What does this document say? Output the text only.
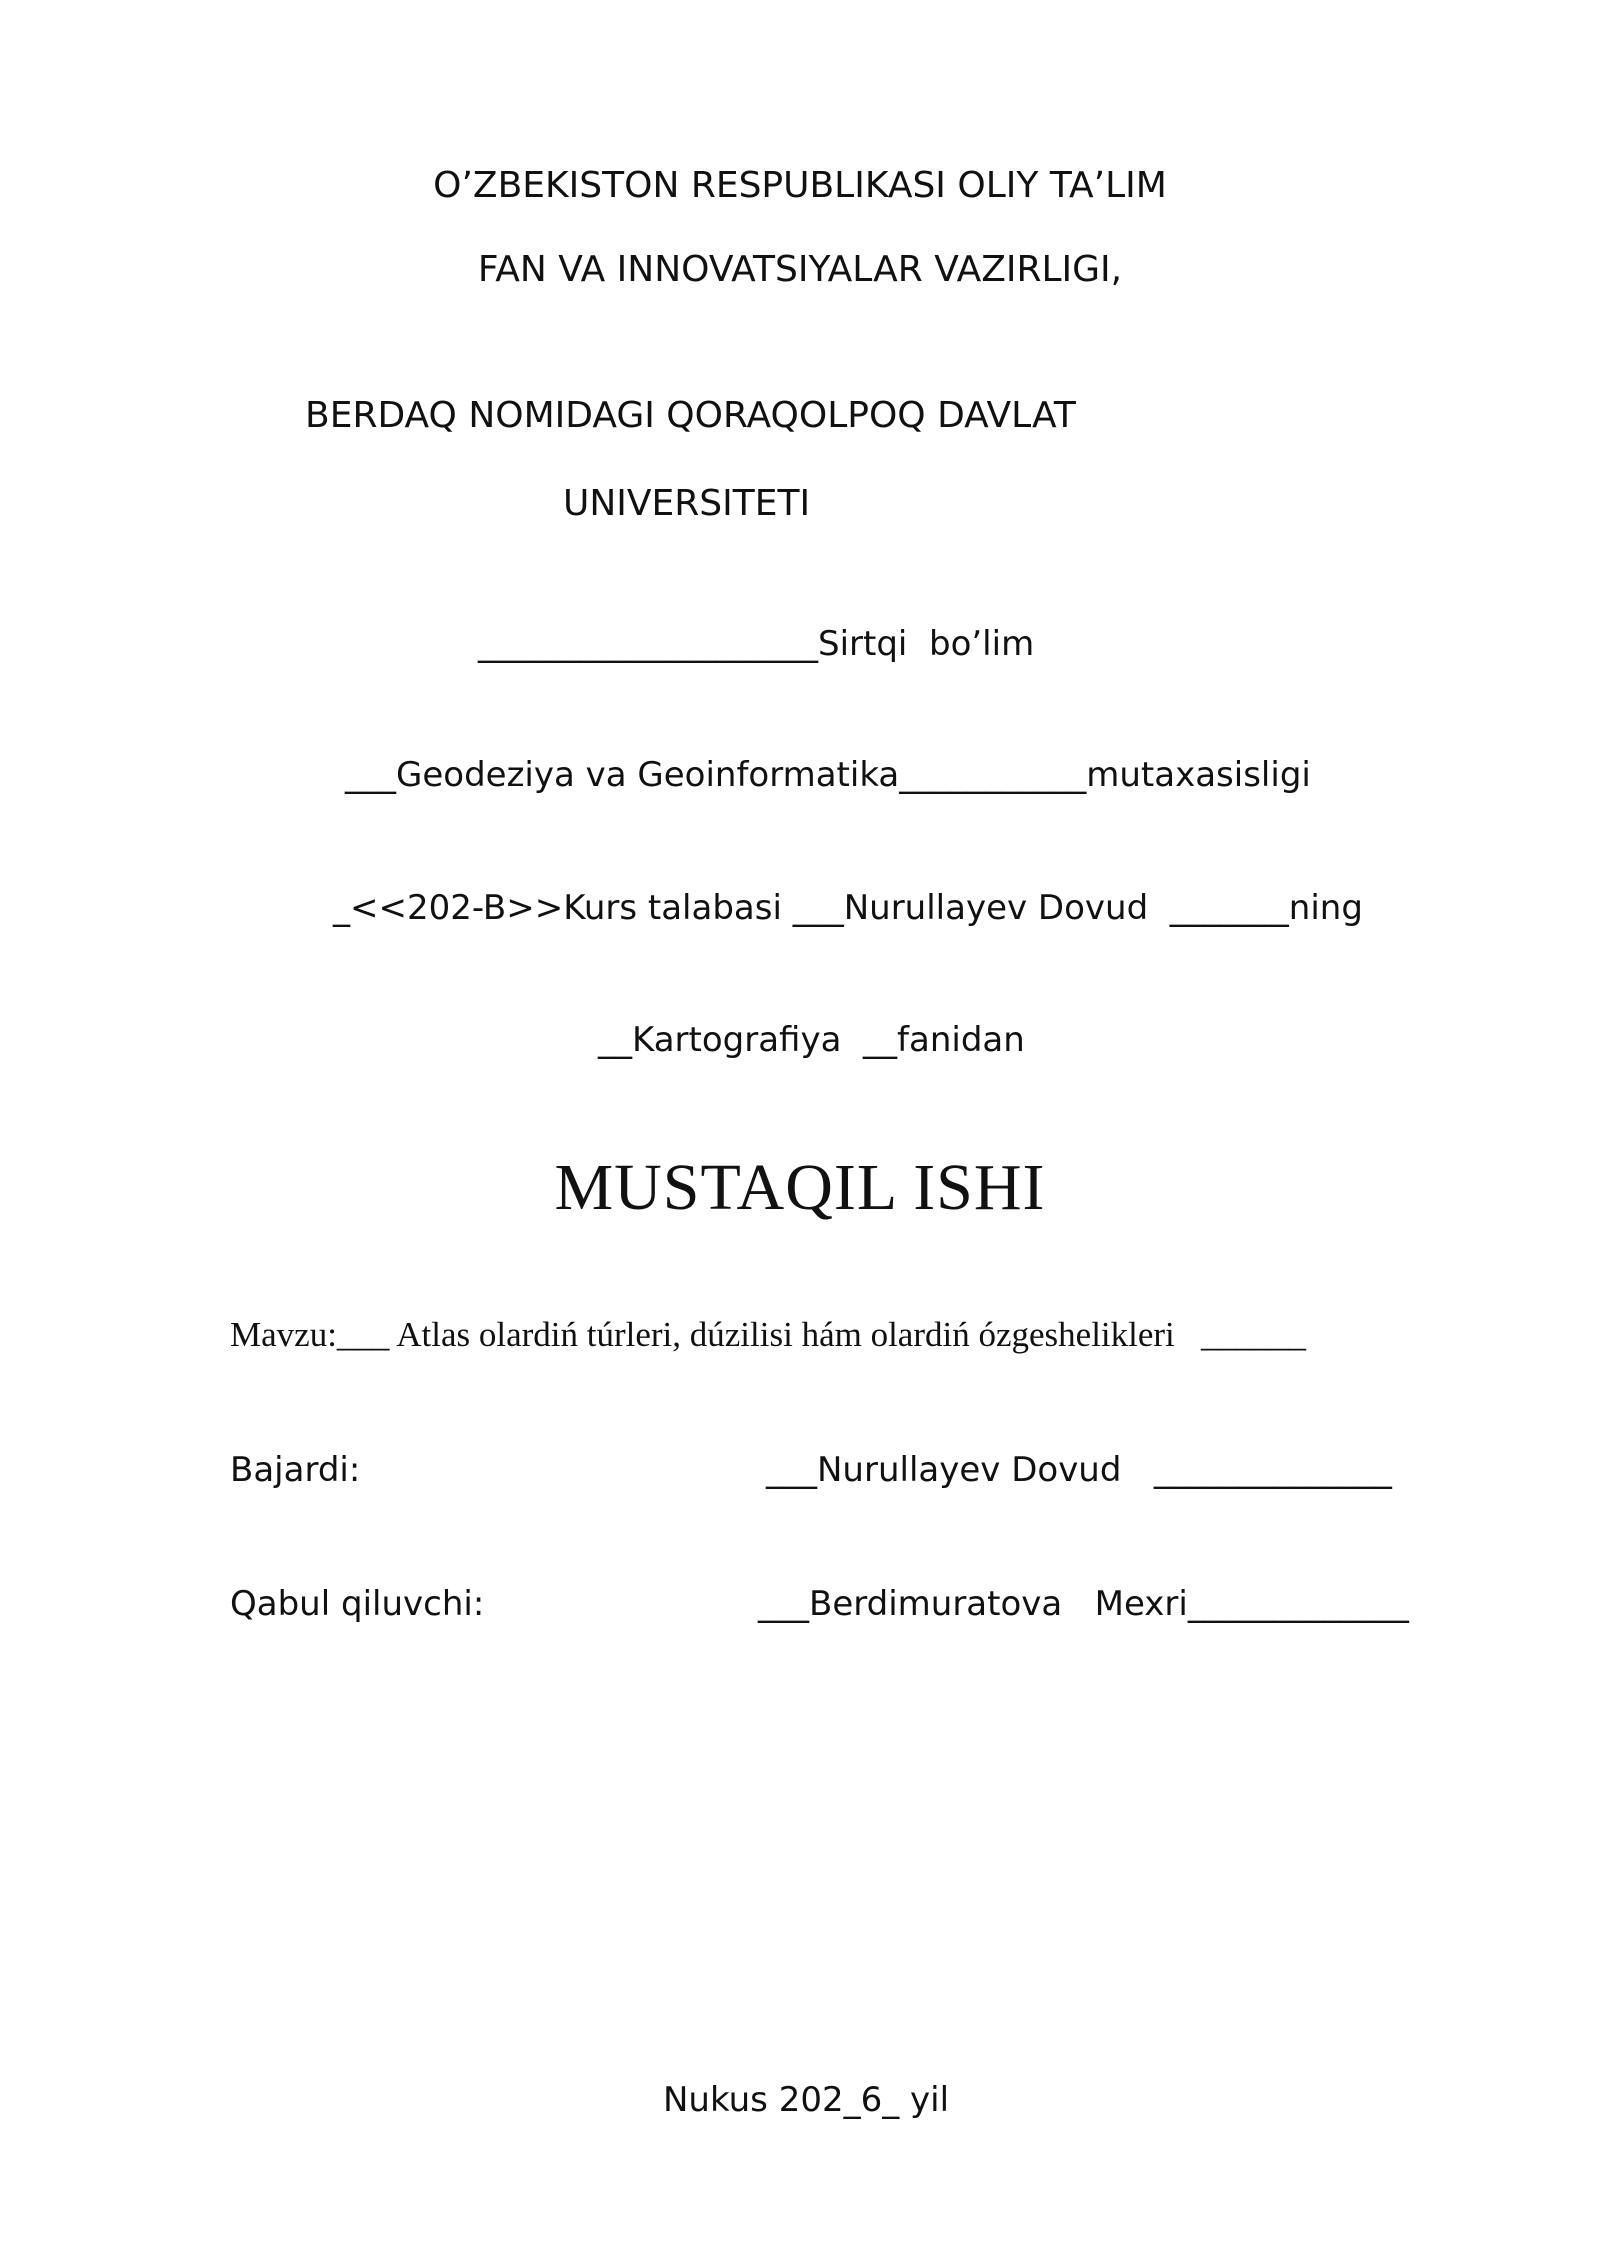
O’ZBEKISTON RESPUBLIKASI OLIY TA’LIM
FAN VA INNOVATSIYALAR VAZIRLIGI,
BERDAQ NOMIDAGI QORAQOLPOQ DAVLAT
UNIVERSITETI
____________________Sirtqi  bo’lim
___Geodeziya va Geoinformatika___________mutaxasisligi
_<<202-B>>Kurs talabasi ___Nurullayev Dovud  _______ning
__Kartografiya  __fanidan
MUSTAQIL ISHI
Mavzu:___ Atlas olardiń túrleri, dúzilisi hám olardiń ózgeshelikleri   ______
Bajardi:	___Nurullayev Dovud   ______________
Qabul qiluvchi:	___Berdimuratova   Mexri_____________
Nukus 202_6_ yil
